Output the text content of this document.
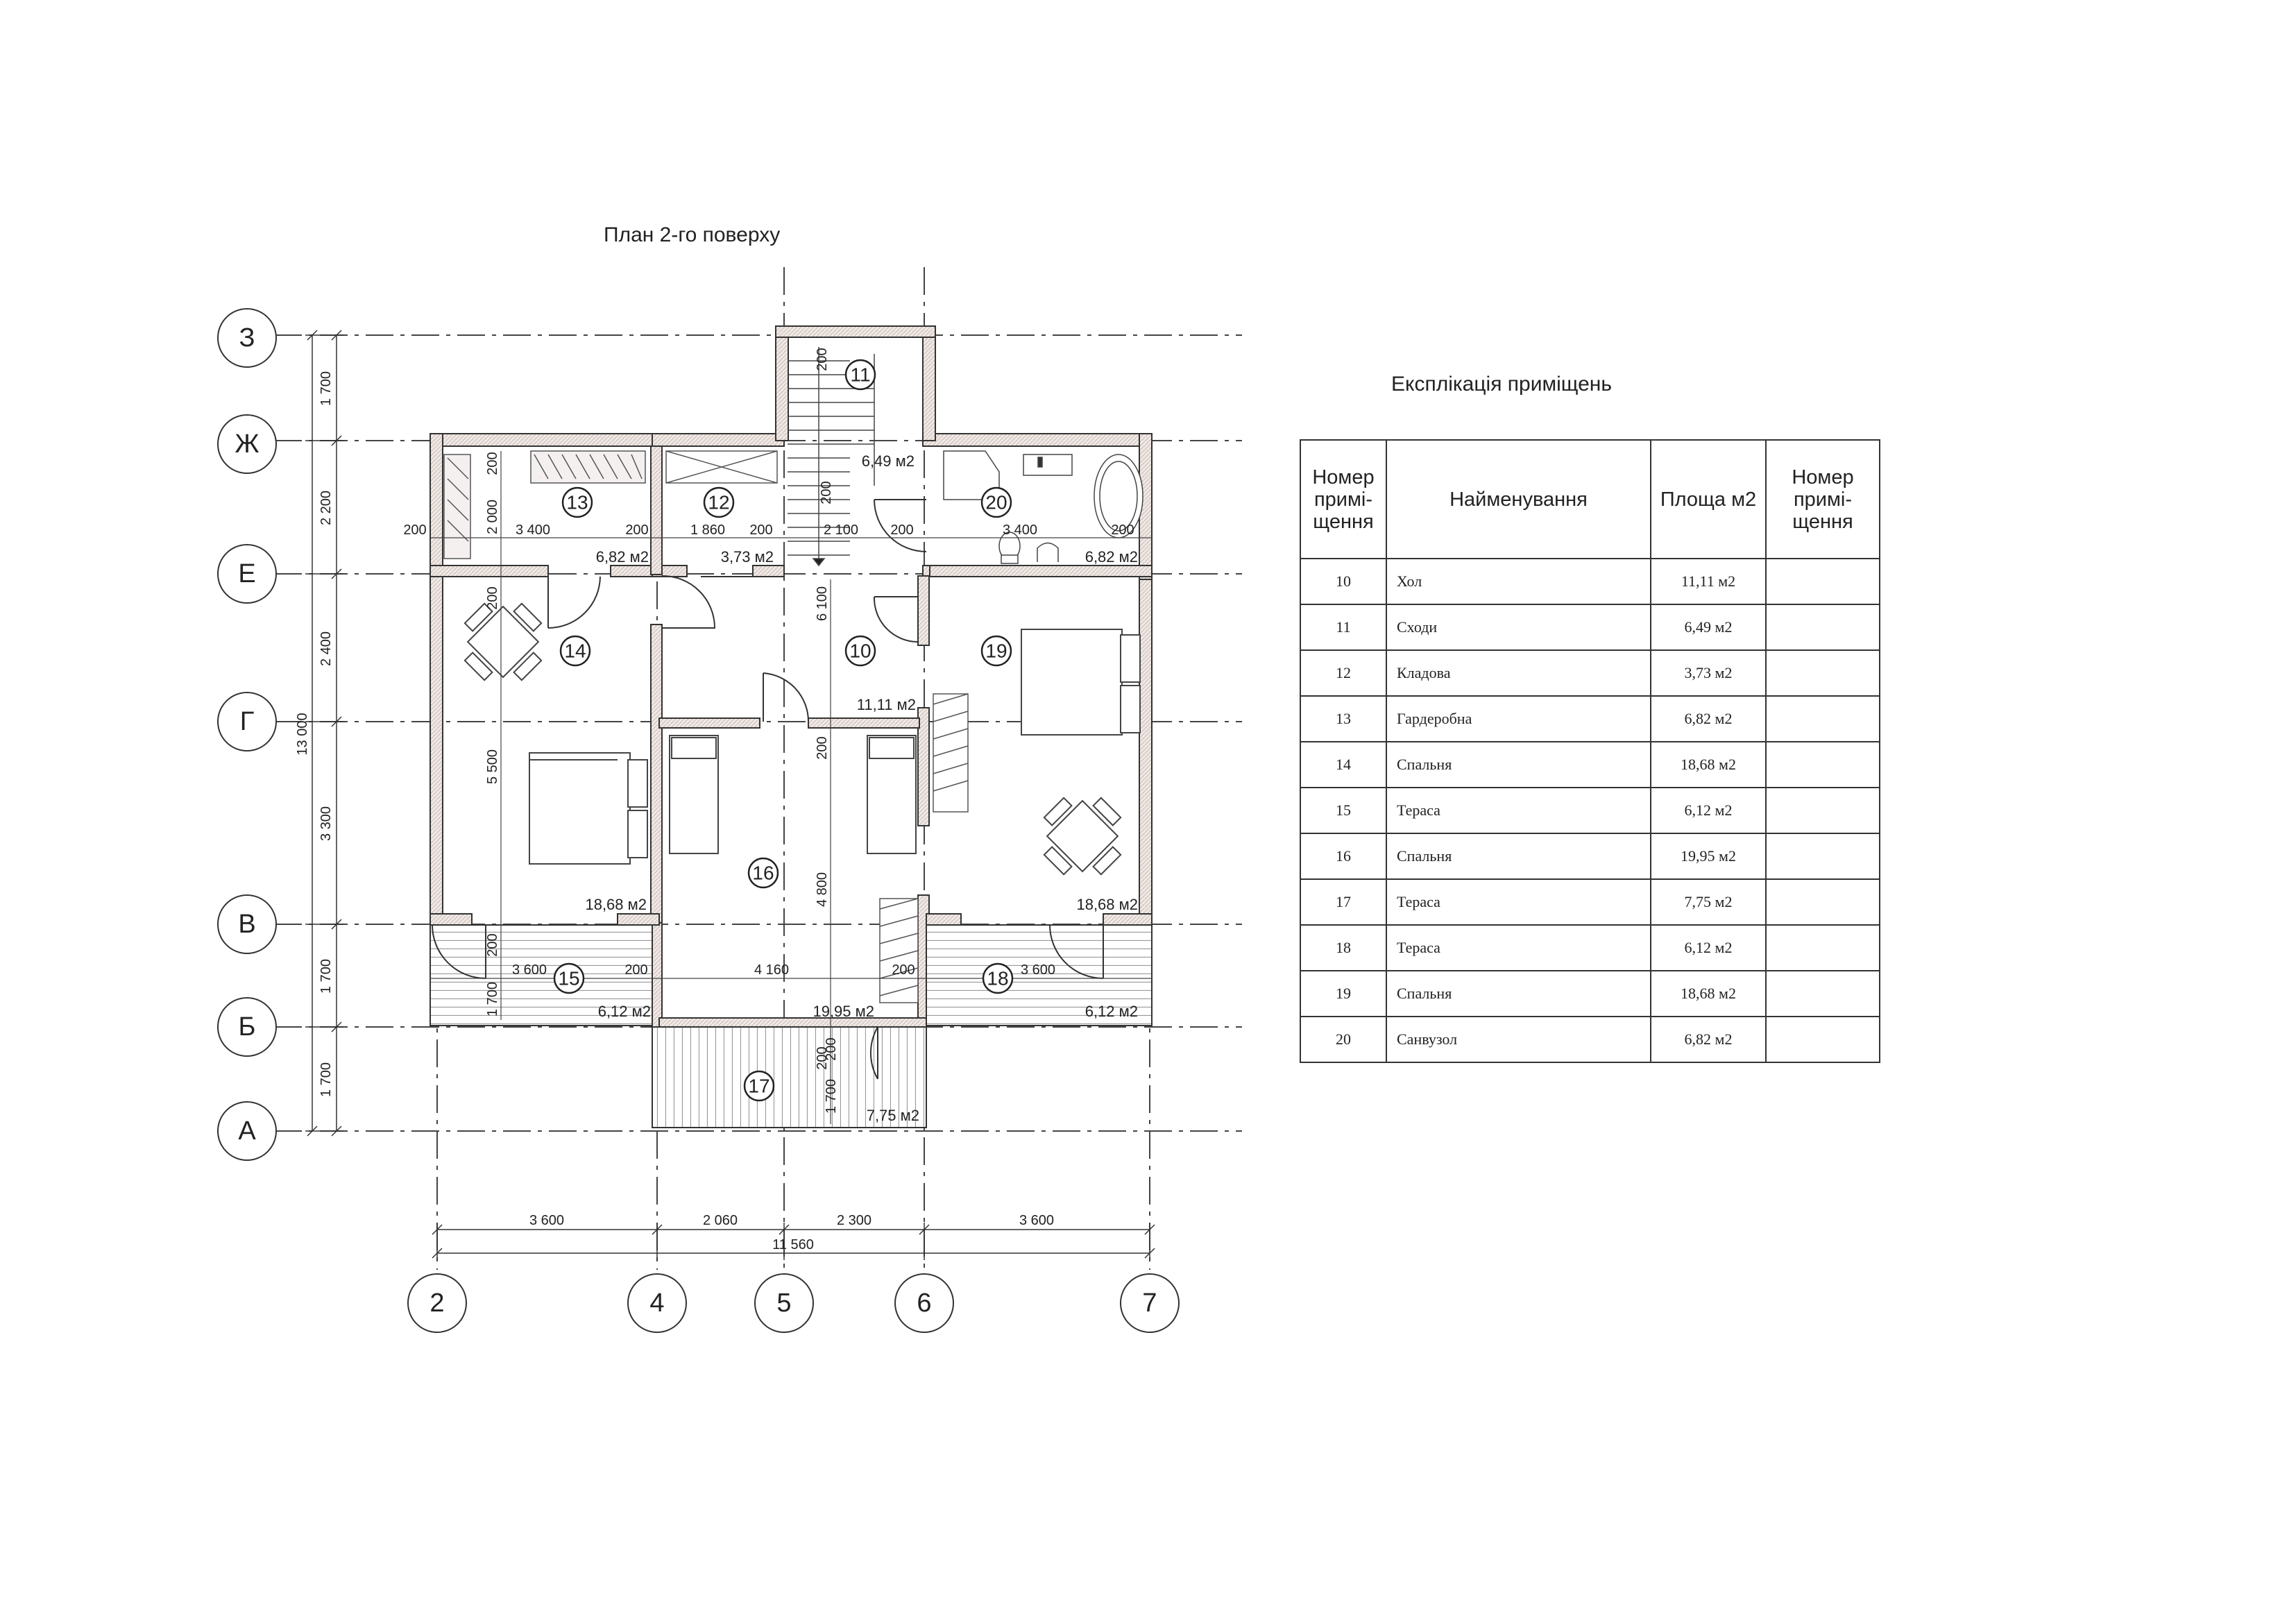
План 2-го поверху
З
Ж
Е
Г
В
Б
А
2	4	5	6	7
1 700
2 200
2 400
3 300
1 700
1 700
13 000
3 600	2 060	2 300	3 600
11 560
200	3 400	200	1 860 200	2 100 200	3 400	200
2 000
200
200
6 100
200
5 500
200
4 800
200
3 600	200	4 160	200	3 600
1 700
200
1 700
200
200
11
13	12	20
14	10	19
16
15	18
17
6,49 м2
6,82 м2	3,73 м2	6,82 м2
18,68 м2
11,11 м2
18,68 м2
19,95 м2
6,12 м2	6,12 м2
7,75 м2
Експлікація приміщень
Номер примі- щення	Найменування	Площа м2	Номер примі- щення
10	Хол	11,11 м2	
11	Сходи	6,49 м2	
12	Кладова	3,73 м2	
13	Гардеробна	6,82 м2	
14	Спальня	18,68 м2	
15	Тераса	6,12 м2	
16	Спальня	19,95 м2	
17	Тераса	7,75 м2	
18	Тераса	6,12 м2	
19	Спальня	18,68 м2	
20	Санвузол	6,82 м2	
